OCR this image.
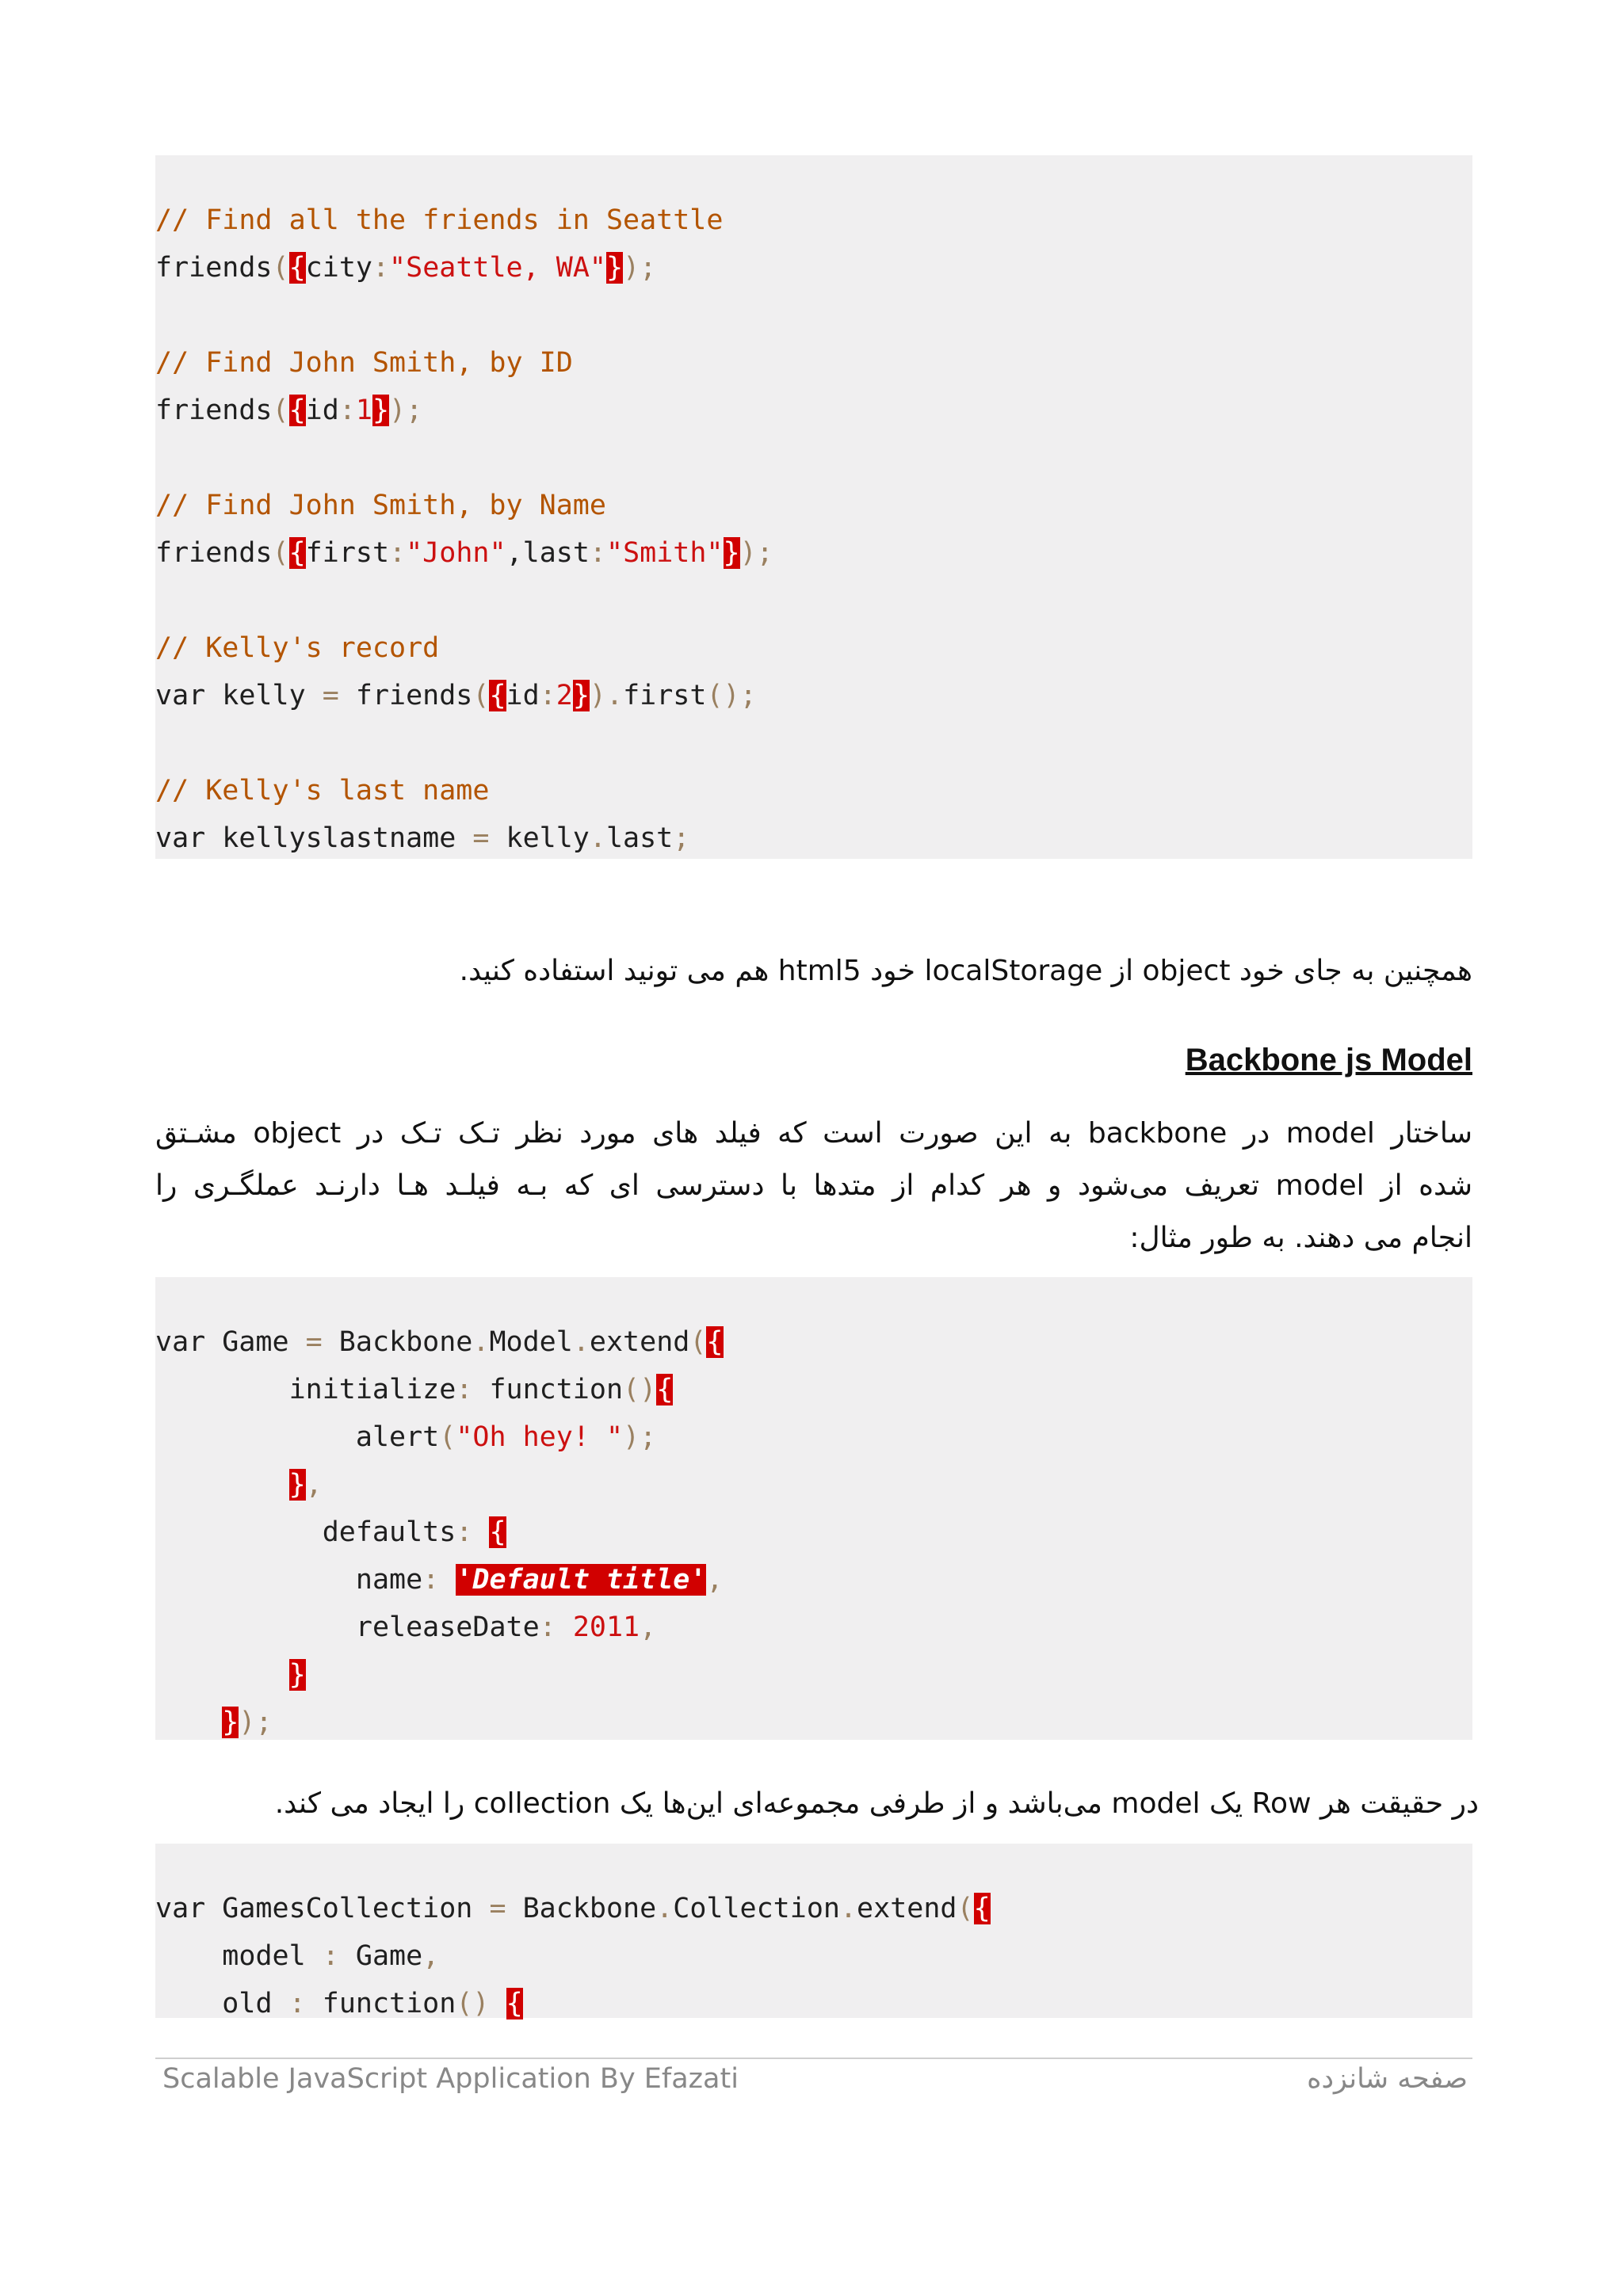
// Find all the friends in Seattle
friends({city:"Seattle, WA"});

// Find John Smith, by ID
friends({id:1});

// Find John Smith, by Name
friends({first:"John",last:"Smith"});

// Kelly's record
var kelly = friends({id:2}).first();

// Kelly's last name
var kellyslastname = kelly.last;
همچنین به جای خود object از localStorage خود html5 هم می تونید استفاده کنید.
Backbone js Model
ساختار model در backbone به این صورت است که فیلد های مورد نظر تـک تـک در object مشـتق
شده از model تعریف می‌شود و هر کدام از متدها با دسترسی ای که بـه فیلـد هـا دارنـد عملگـری را
انجام می دهند. به طور مثال:
var Game = Backbone.Model.extend({
initialize: function(){
alert("Oh hey! ");
},
defaults: {
name: 'Default title',
releaseDate: 2011,
}
});
در حقیقت هر Row یک model می‌باشد و از طرفی مجموعه‌ای این‌ها یک collection را ایجاد می کند.
var GamesCollection = Backbone.Collection.extend({
model : Game,
old : function() {
Scalable JavaScript Application By Efazati	صفحه شانزده
